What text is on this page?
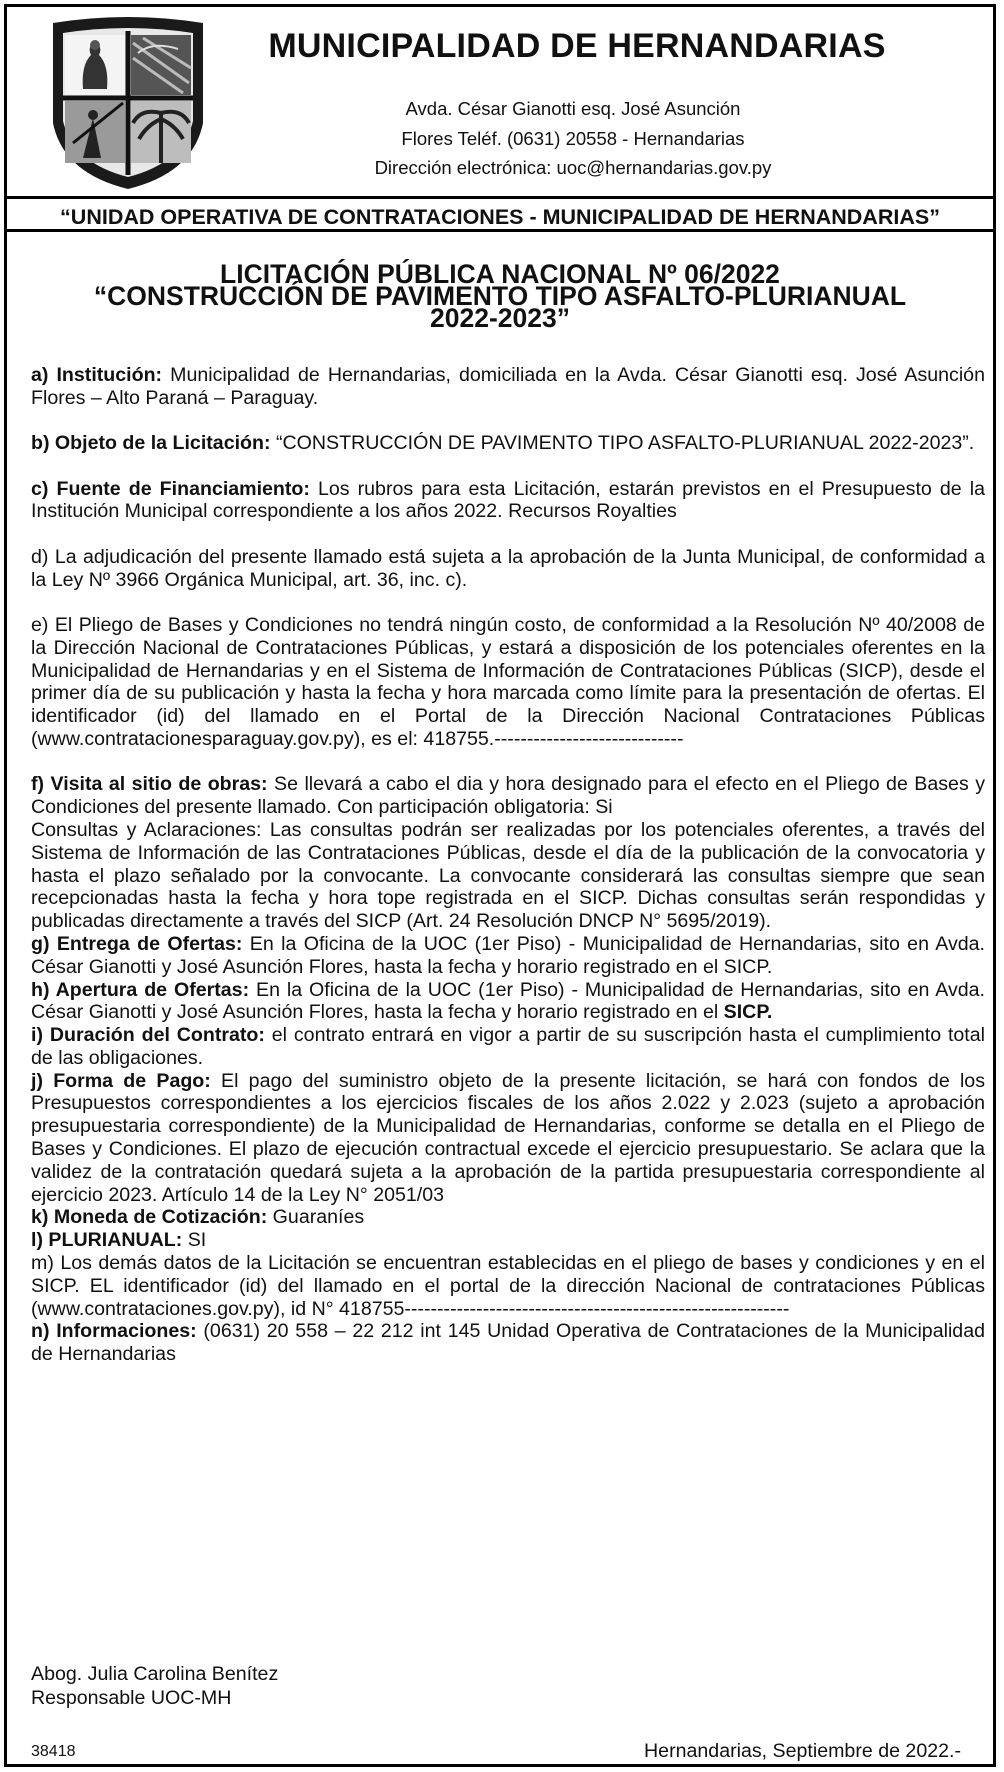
MUNICIPALIDAD DE HERNANDARIAS
Avda. César Gianotti esq. José Asunción
Flores Teléf. (0631) 20558 - Hernandarias
Dirección electrónica: uoc@hernandarias.gov.py
“UNIDAD OPERATIVA DE CONTRATACIONES - MUNICIPALIDAD DE HERNANDARIAS”
LICITACIÓN PÚBLICA NACIONAL Nº 06/2022
“CONSTRUCCIÓN DE PAVIMENTO TIPO ASFALTO-PLURIANUAL
2022-2023”

a) Institución: Municipalidad de Hernandarias, domiciliada en la Avda. César Gianotti esq. José Asunción Flores – Alto Paraná – Paraguay.

b) Objeto de la Licitación: “CONSTRUCCIÓN DE PAVIMENTO TIPO ASFALTO-PLURIANUAL 2022-2023”.

c) Fuente de Financiamiento: Los rubros para esta Licitación, estarán previstos en el Presupuesto de la Institución Municipal correspondiente a los años 2022. Recursos Royalties

d) La adjudicación del presente llamado está sujeta a la aprobación de la Junta Municipal, de conformidad a la Ley Nº 3966 Orgánica Municipal, art. 36, inc. c).

e) El Pliego de Bases y Condiciones no tendrá ningún costo, de conformidad a la Resolución Nº 40/2008 de la Dirección Nacional de Contrataciones Públicas, y estará a disposición de los potenciales oferentes en la Municipalidad de Hernandarias y en el Sistema de Información de Contrataciones Públicas (SICP), desde el primer día de su publicación y hasta la fecha y hora marcada como límite para la presentación de ofertas. El identificador (id) del llamado en el Portal de la Dirección Nacional Contrataciones Públicas (www.contratacionesparaguay.gov.py), es el: 418755.-----------------------------

f) Visita al sitio de obras: Se llevará a cabo el dia y hora designado para el efecto en el Pliego de Bases y Condiciones del presente llamado. Con participación obligatoria: Si

Consultas y Aclaraciones: Las consultas podrán ser realizadas por los potenciales oferentes, a través del Sistema de Información de las Contrataciones Públicas, desde el día de la publicación de la convocatoria y hasta el plazo señalado por la convocante. La convocante considerará las consultas siempre que sean recepcionadas hasta la fecha y hora tope registrada en el SICP. Dichas consultas serán respondidas y publicadas directamente a través del SICP (Art. 24 Resolución DNCP N° 5695/2019).

g) Entrega de Ofertas: En la Oficina de la UOC (1er Piso) - Municipalidad de Hernandarias, sito en Avda. César Gianotti y José Asunción Flores, hasta la fecha y horario registrado en el SICP.

h) Apertura de Ofertas: En la Oficina de la UOC (1er Piso) - Municipalidad de Hernandarias, sito en Avda. César Gianotti y José Asunción Flores, hasta la fecha y horario registrado en el SICP.

i) Duración del Contrato: el contrato entrará en vigor a partir de su suscripción hasta el cumplimiento total de las obligaciones.

j) Forma de Pago: El pago del suministro objeto de la presente licitación, se hará con fondos de los Presupuestos correspondientes a los ejercicios fiscales de los años 2.022 y 2.023 (sujeto a aprobación presupuestaria correspondiente) de la Municipalidad de Hernandarias, conforme se detalla en el Pliego de Bases y Condiciones. El plazo de ejecución contractual excede el ejercicio presupuestario. Se aclara que la validez de la contratación quedará sujeta a la aprobación de la partida presupuestaria correspondiente al ejercicio 2023. Artículo 14 de la Ley N° 2051/03

k) Moneda de Cotización: Guaraníes

l) PLURIANUAL: SI

m) Los demás datos de la Licitación se encuentran establecidas en el pliego de bases y condiciones y en el SICP. EL identificador (id) del llamado en el portal de la dirección Nacional de contrataciones Públicas (www.contrataciones.gov.py), id N° 418755-----------------------------------------------------------

n) Informaciones: (0631) 20 558 – 22 212 int 145 Unidad Operativa de Contrataciones de la Municipalidad de Hernandarias

Abog. Julia Carolina Benítez
Responsable UOC-MH
38418	Hernandarias, Septiembre de 2022.-
